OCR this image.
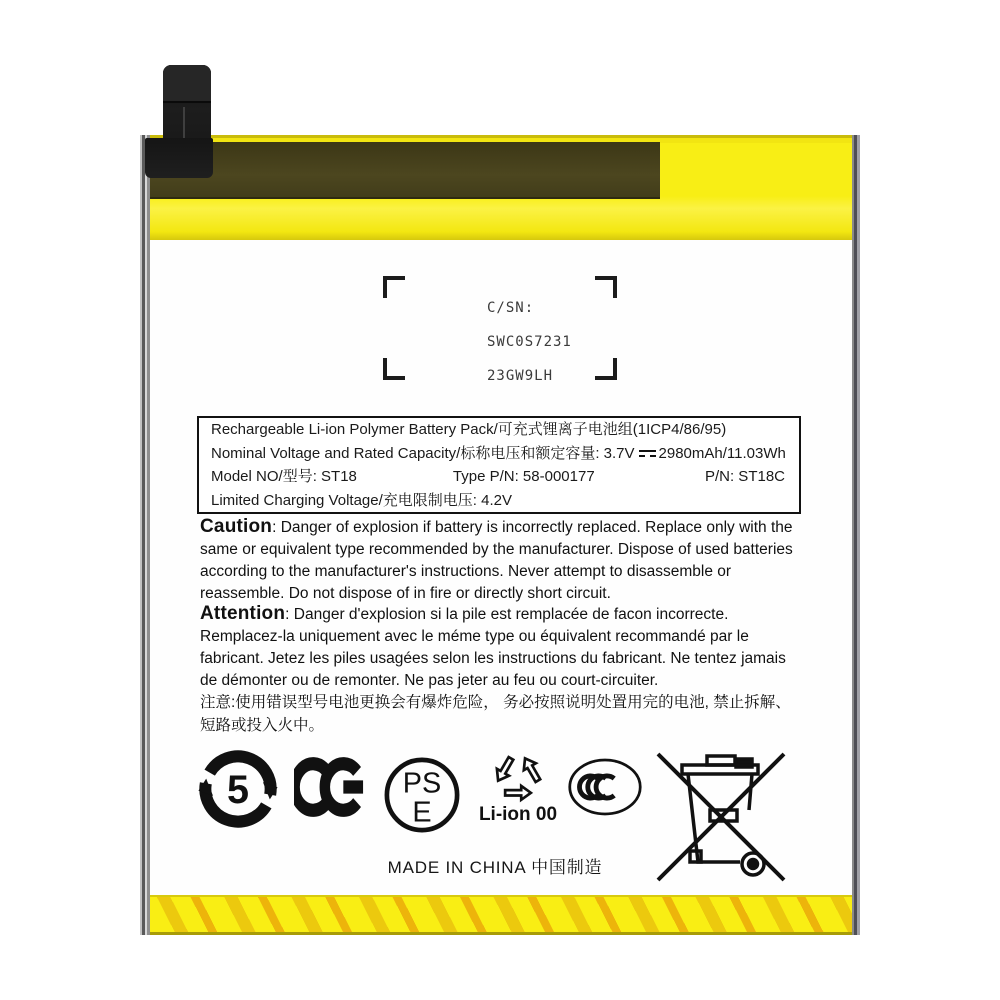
C/SN:

SWC0S7231

23GW9LH
Rechargeable Li-ion Polymer Battery Pack/可充式锂离子电池组(1ICP4/86/95)
Nominal Voltage and Rated Capacity/标称电压和额定容量: 3.7V 2980mAh/11.03Wh
Model NO/型号: ST18	Type P/N: 58-000177	P/N: ST18C
Limited Charging Voltage/充电限制电压: 4.2V
Caution: Danger of explosion if battery is incorrectly replaced. Replace only with the same or equivalent type recommended by the manufacturer. Dispose of used batteries according to the manufacturer's instructions. Never attempt to disassemble or reassemble. Do not dispose of in fire or directly short circuit.
Attention: Danger d'explosion si la pile est remplacée de facon incorrecte. Remplacez-la uniquement avec le méme type ou équivalent recommandé par le fabricant. Jetez les piles usagées selon les instructions du fabricant. Ne tentez jamais de démonter ou de remonter. Ne pas jeter au feu ou court-circuiter.
注意:使用错误型号电池更换会有爆炸危险， 务必按照说明处置用完的电池, 禁止拆解、短路或投入火中。
5	PS
E	Li-ion 00
MADE IN CHINA 中国制造
